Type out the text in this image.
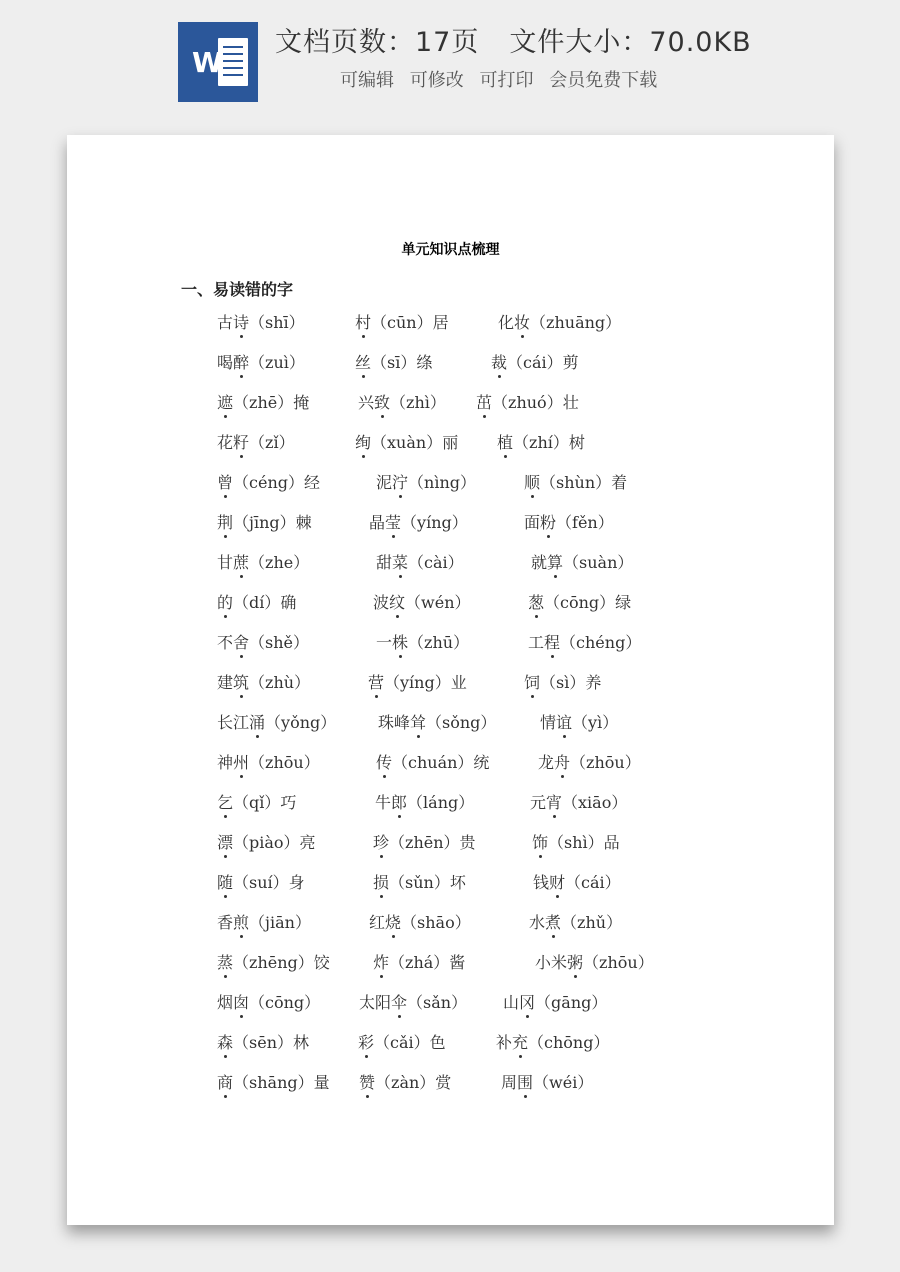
W
文档页数：17页 文件大小：70.0KB
可编辑 可修改 可打印 会员免费下载
单元知识点梳理
一、易读错的字
古诗（shī）	村（cūn）居	化妆（zhuāng）
喝醉（zuì）	丝（sī）绦	裁（cái）剪
遮（zhē）掩	兴致（zhì） 茁（zhuó）壮
花籽（zǐ）	绚（xuàn）丽 植（zhí）树
曾（céng）经	泥泞（nìng）	顺（shùn）着
荆（jīng）棘	晶莹（yíng）	面粉（fěn）
甘蔗（zhe）	甜菜（cài）	就算（suàn）
的（dí）确	波纹（wén）	葱（cōng）绿
不舍（shě）	一株（zhū）	工程（chéng）
建筑（zhù）	营（yíng）业	饲（sì）养
长江涌（yǒng）	珠峰耸（sǒng）	情谊（yì）
神州（zhōu）	传（chuán）统	龙舟（zhōu）
乞（qǐ）巧	牛郎（láng）	元宵（xiāo）
漂（piào）亮	珍（zhēn）贵	饰（shì）品
随（suí）身	损（sǔn）坏	钱财（cái）
香煎（jiān）	红烧（shāo）	水煮（zhǔ）
蒸（zhēng）饺	炸（zhá）酱	小米粥（zhōu）
烟囱（cōng） 太阳伞（sǎn） 山冈（gāng）
森（sēn）林	彩（cǎi）色	补充（chōng）
商（shāng）量 赞（zàn）赏	周围（wéi）
